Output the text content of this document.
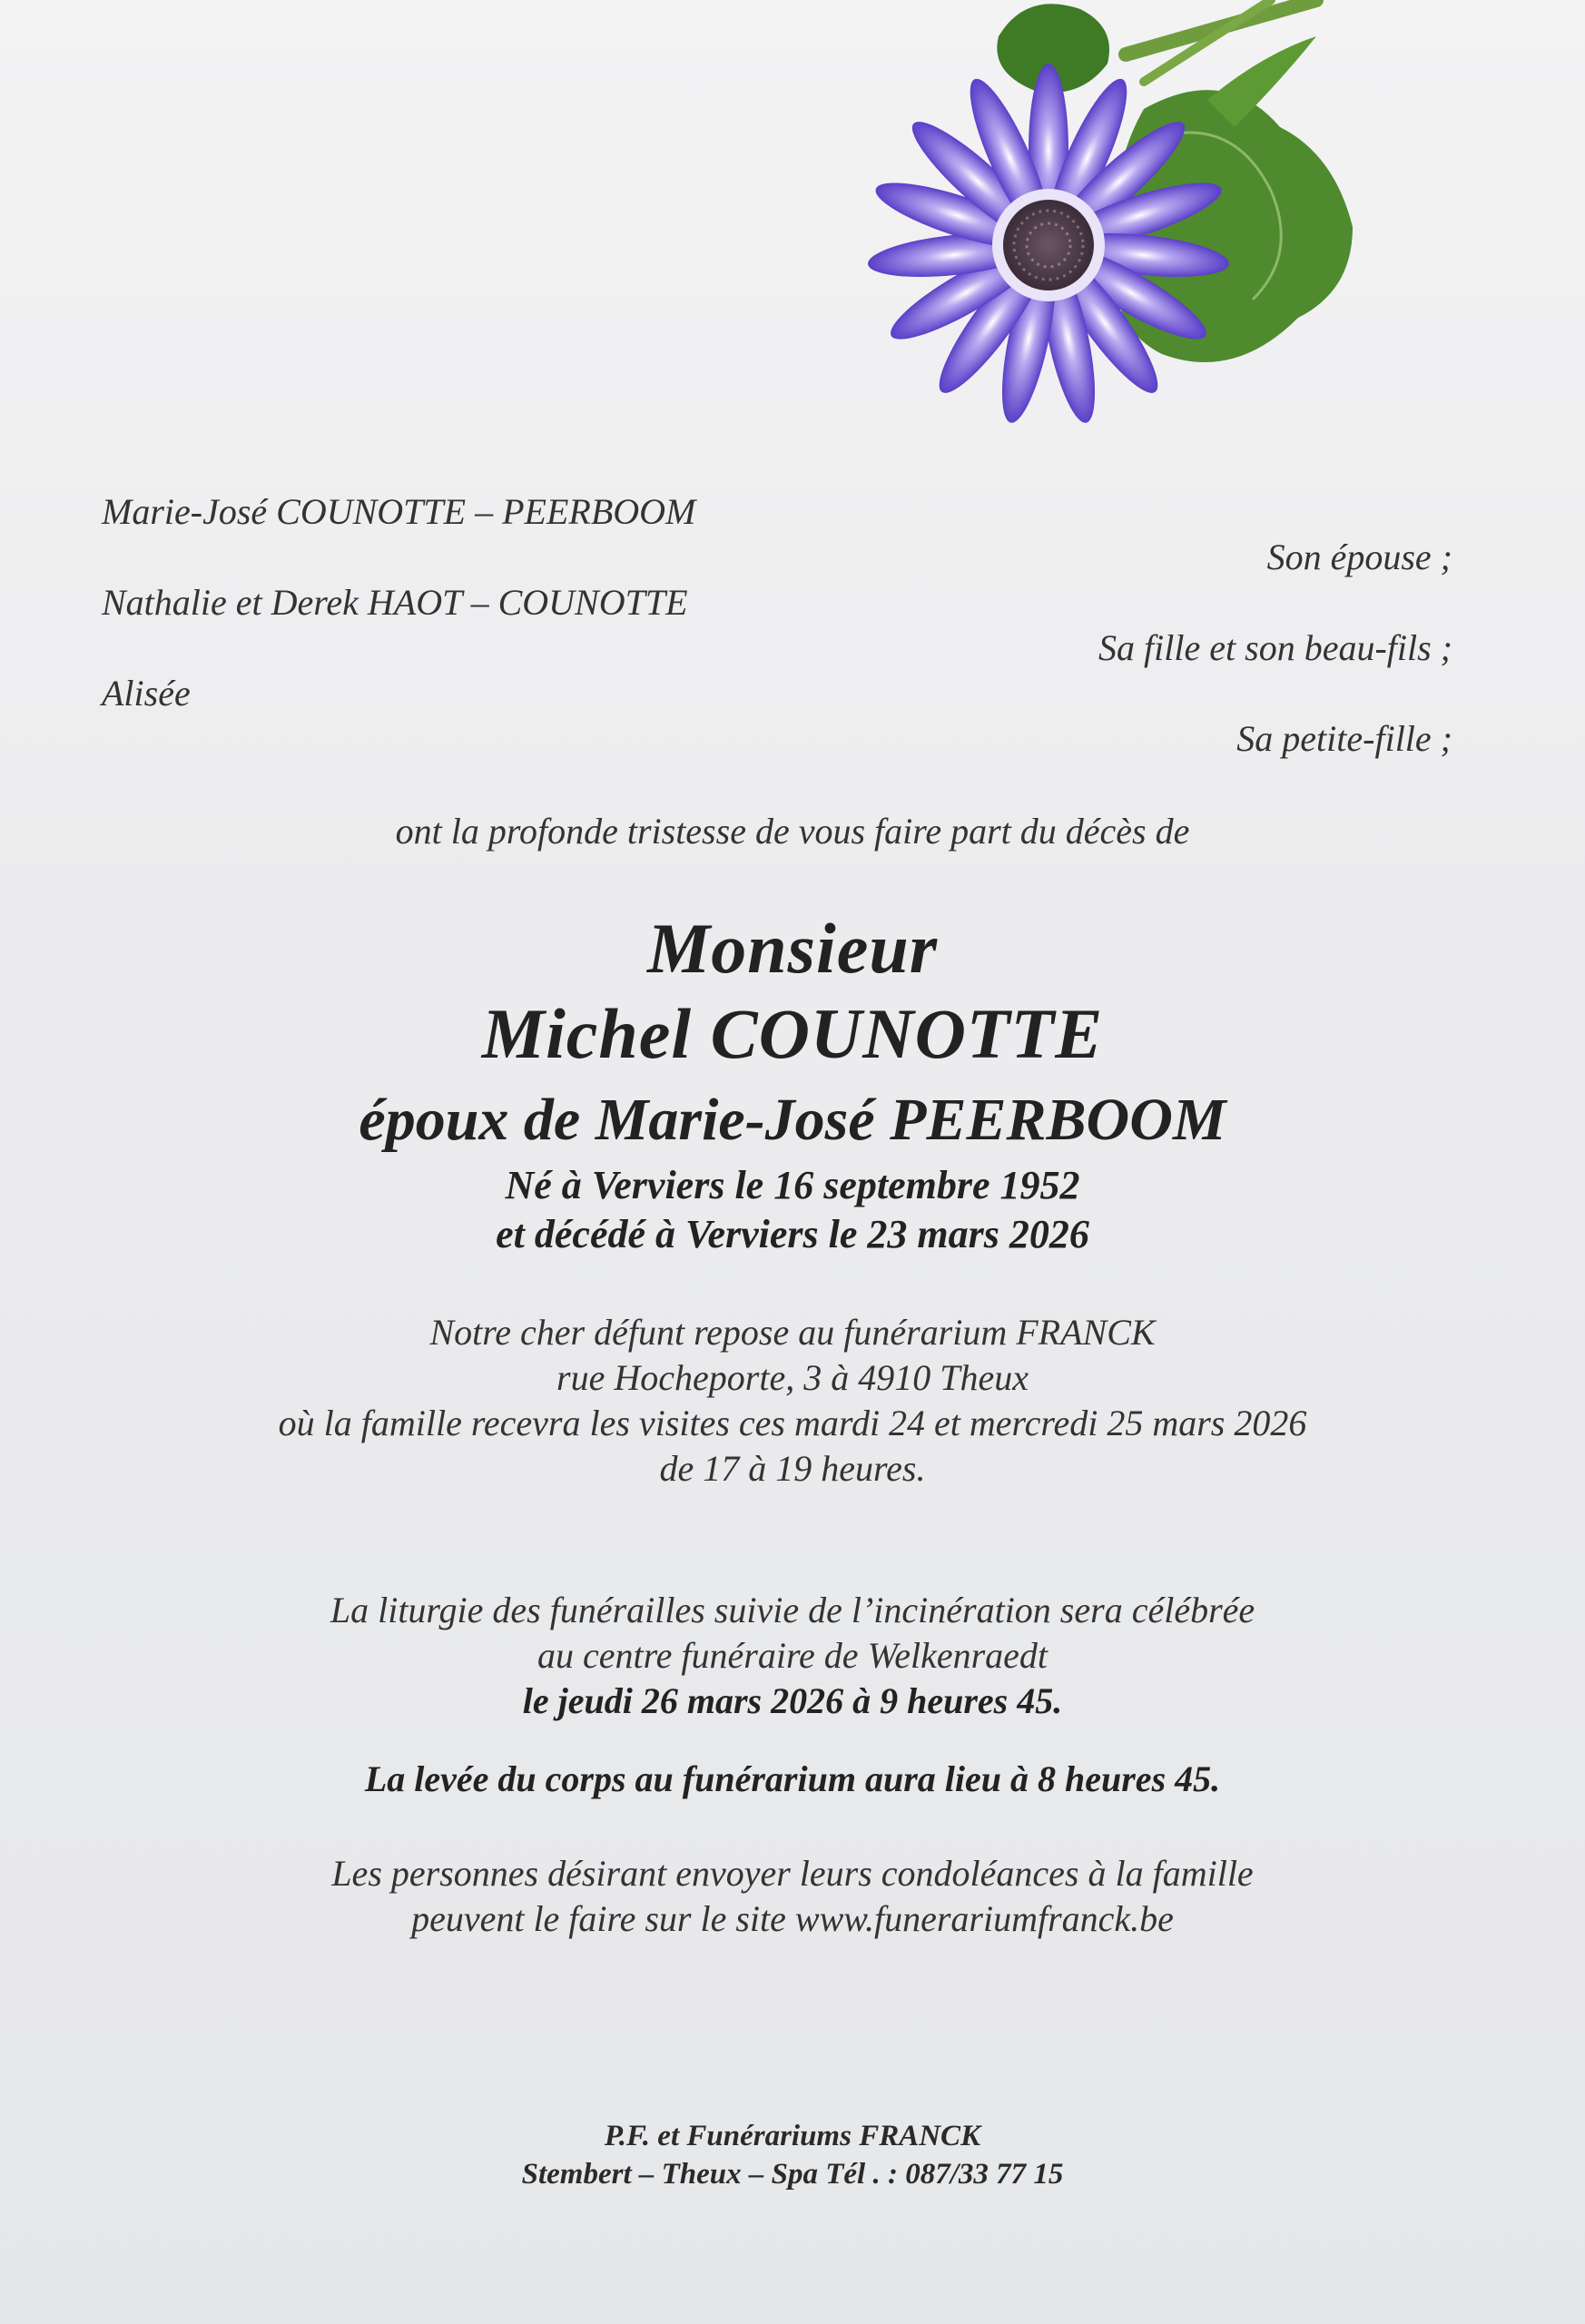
Marie-José COUNOTTE – PEERBOOM

Son épouse ;

Nathalie et Derek HAOT – COUNOTTE

Sa fille et son beau-fils ;

Alisée

Sa petite-fille ;

ont la profonde tristesse de vous faire part du décès de

Monsieur

Michel COUNOTTE

époux de Marie-José PEERBOOM

Né à Verviers le 16 septembre 1952

et décédé à Verviers le 23 mars 2026

Notre cher défunt repose au funérarium FRANCK

rue Hocheporte, 3 à 4910 Theux

où la famille recevra les visites ces mardi 24 et mercredi 25 mars 2026

de 17 à 19 heures.

La liturgie des funérailles suivie de l’incinération sera célébrée

au centre funéraire de Welkenraedt

le jeudi 26 mars 2026 à 9 heures 45.

La levée du corps au funérarium aura lieu à 8 heures 45.

Les personnes désirant envoyer leurs condoléances à la famille

peuvent le faire sur le site www.funerariumfranck.be

P.F. et Funérariums FRANCK

Stembert – Theux – Spa Tél . : 087/33 77 15
